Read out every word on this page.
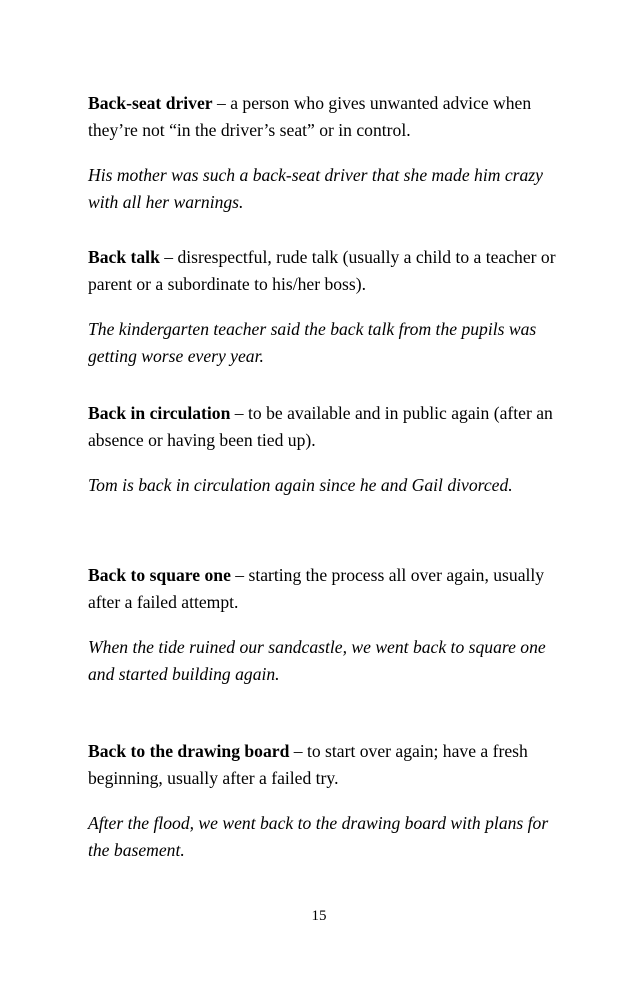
Back-seat driver – a person who gives unwanted advice when they’re not “in the driver’s seat” or in control.

His mother was such a back-seat driver that she made him crazy with all her warnings.

Back talk – disrespectful, rude talk (usually a child to a teacher or parent or a subordinate to his/her boss).

The kindergarten teacher said the back talk from the pupils was getting worse every year.

Back in circulation – to be available and in public again (after an absence or having been tied up).

Tom is back in circulation again since he and Gail divorced.

Back to square one – starting the process all over again, usually after a failed attempt.

When the tide ruined our sandcastle, we went back to square one and started building again.

Back to the drawing board – to start over again; have a fresh beginning, usually after a failed try.

After the flood, we went back to the drawing board with plans for the basement.

15
